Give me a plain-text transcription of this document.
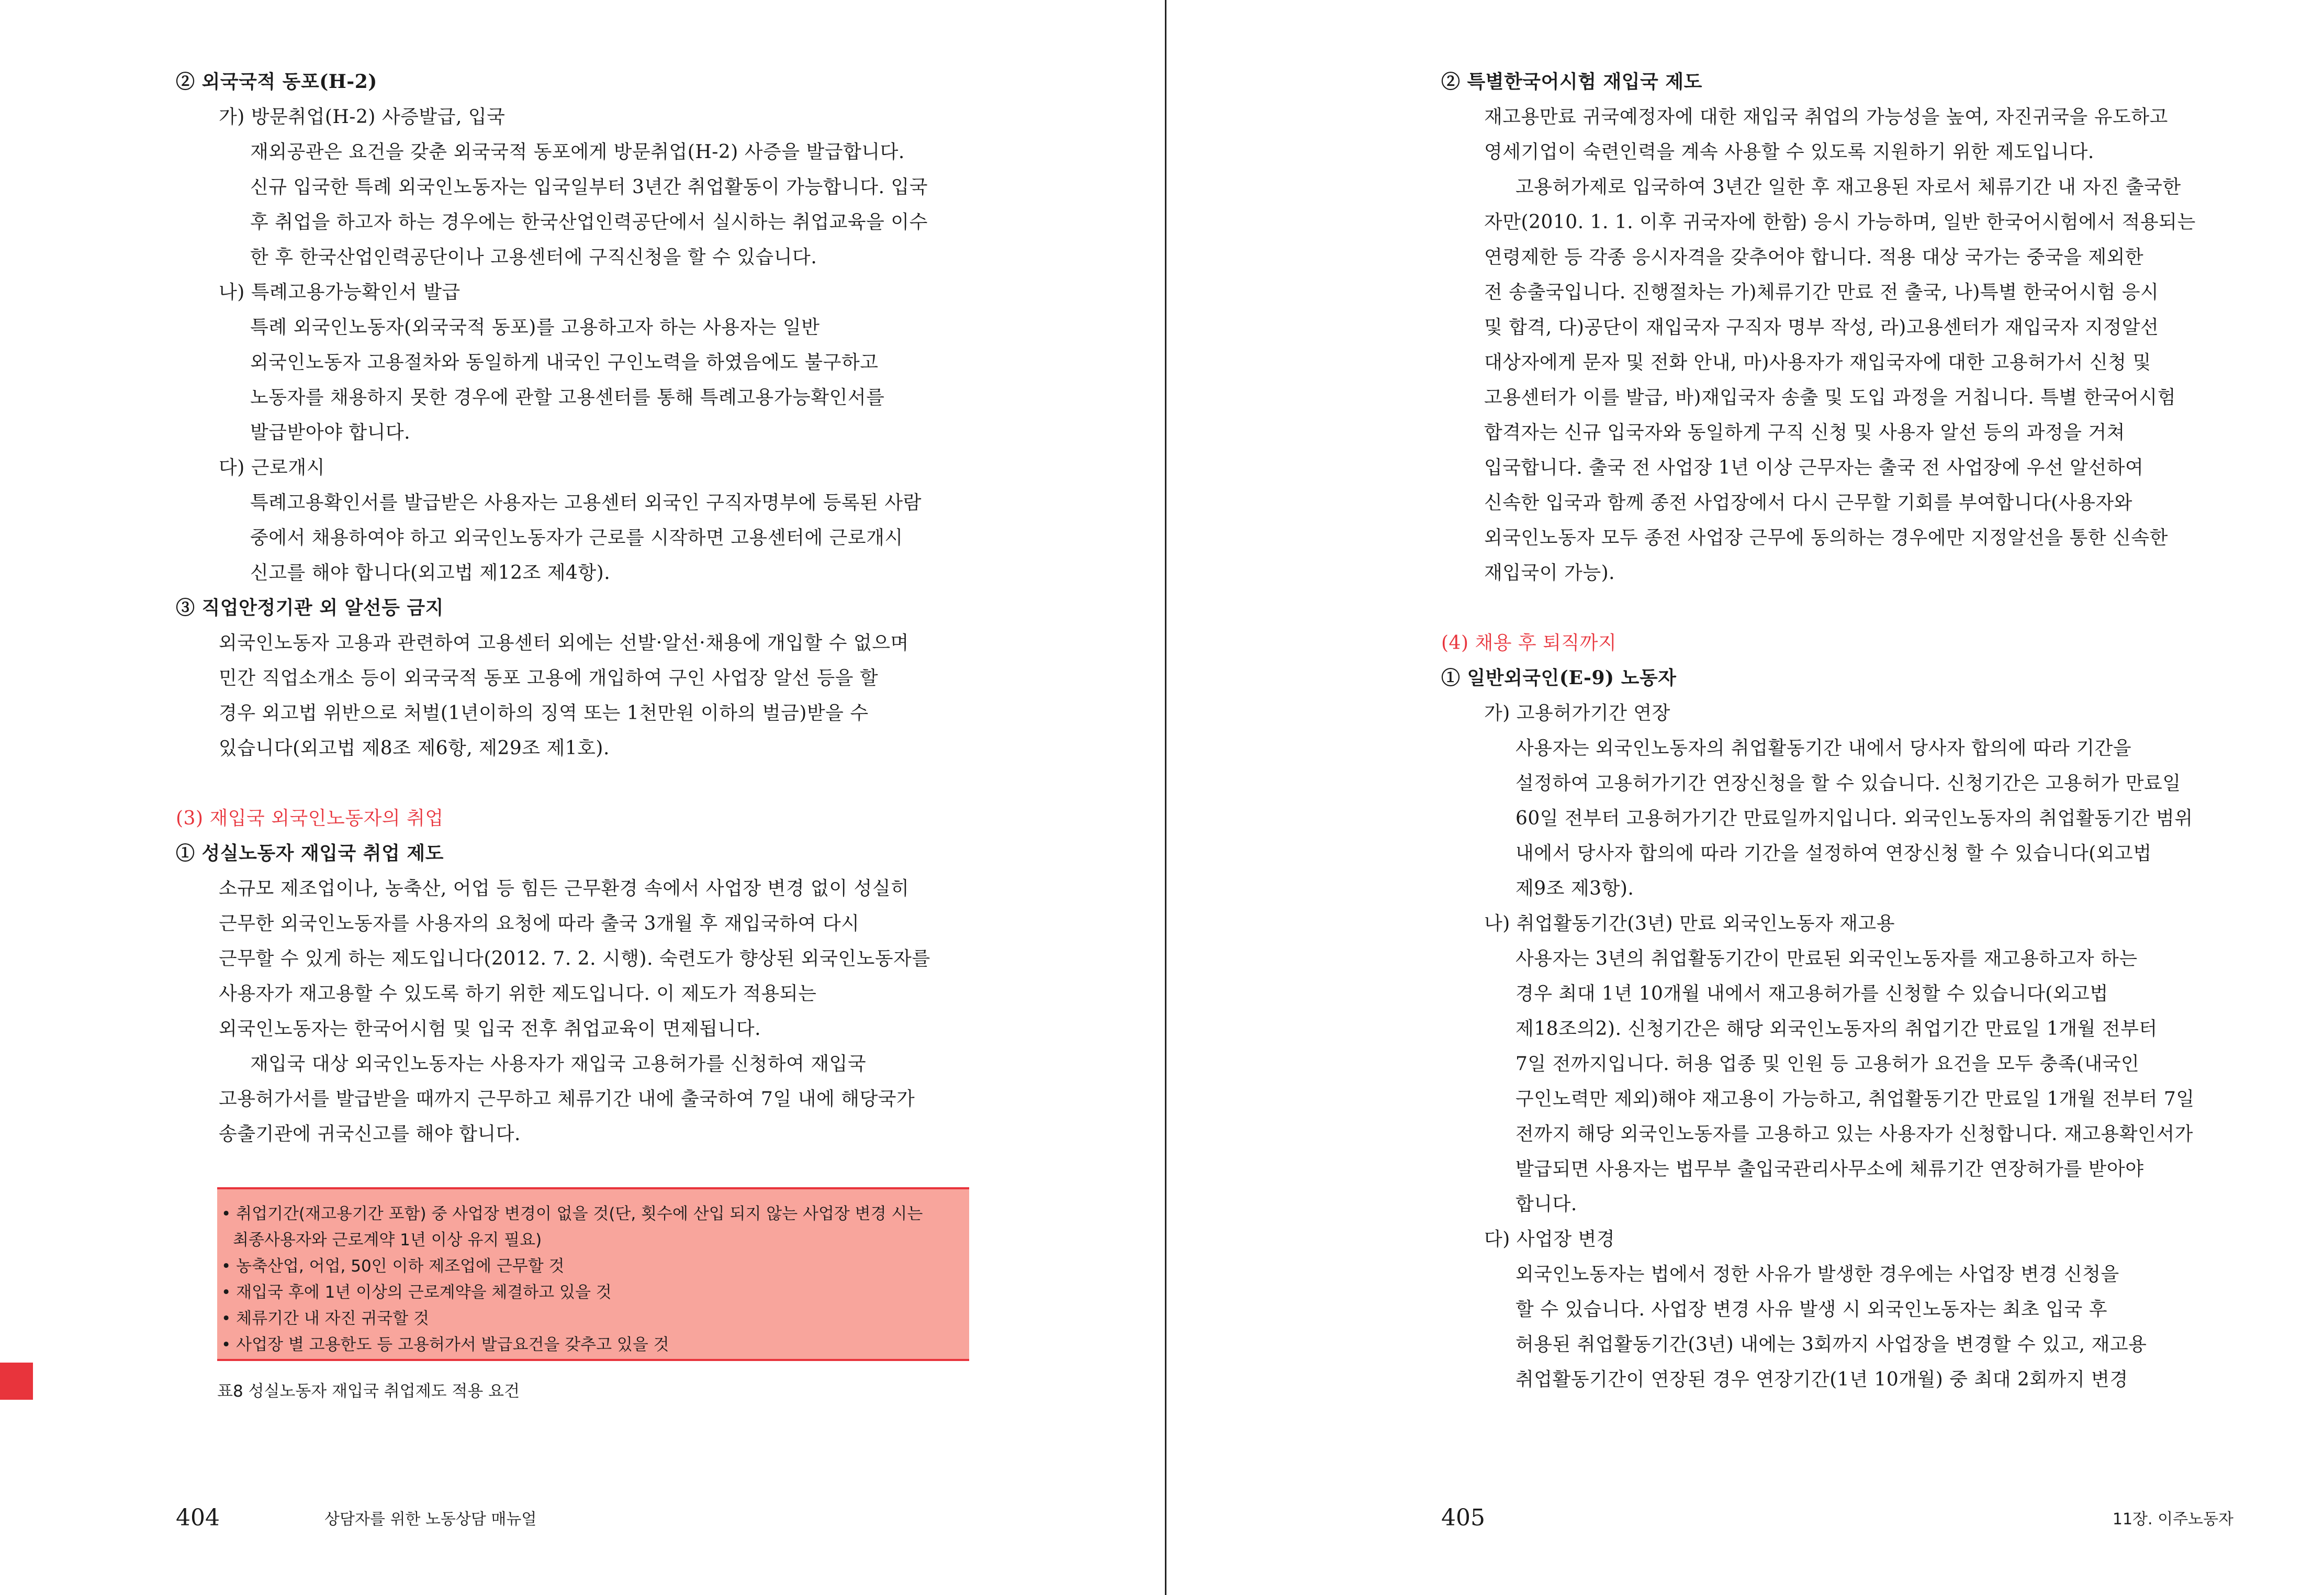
② 외국국적 동포(H-2)
가) 방문취업(H-2) 사증발급, 입국
재외공관은 요건을 갖춘 외국국적 동포에게 방문취업(H-2) 사증을 발급합니다.
신규 입국한 특례 외국인노동자는 입국일부터 3년간 취업활동이 가능합니다. 입국
후 취업을 하고자 하는 경우에는 한국산업인력공단에서 실시하는 취업교육을 이수
한 후 한국산업인력공단이나 고용센터에 구직신청을 할 수 있습니다.
나) 특례고용가능확인서 발급
특례 외국인노동자(외국국적 동포)를 고용하고자 하는 사용자는 일반
외국인노동자 고용절차와 동일하게 내국인 구인노력을 하였음에도 불구하고
노동자를 채용하지 못한 경우에 관할 고용센터를 통해 특례고용가능확인서를
발급받아야 합니다.
다) 근로개시
특례고용확인서를 발급받은 사용자는 고용센터 외국인 구직자명부에 등록된 사람
중에서 채용하여야 하고 외국인노동자가 근로를 시작하면 고용센터에 근로개시
신고를 해야 합니다(외고법 제12조 제4항).
③ 직업안정기관 외 알선등 금지
외국인노동자 고용과 관련하여 고용센터 외에는 선발·알선·채용에 개입할 수 없으며
민간 직업소개소 등이 외국국적 동포 고용에 개입하여 구인 사업장 알선 등을 할
경우 외고법 위반으로 처벌(1년이하의 징역 또는 1천만원 이하의 벌금)받을 수
있습니다(외고법 제8조 제6항, 제29조 제1호).
(3) 재입국 외국인노동자의 취업
① 성실노동자 재입국 취업 제도
소규모 제조업이나, 농축산, 어업 등 힘든 근무환경 속에서 사업장 변경 없이 성실히
근무한 외국인노동자를 사용자의 요청에 따라 출국 3개월 후 재입국하여 다시
근무할 수 있게 하는 제도입니다(2012. 7. 2. 시행). 숙련도가 향상된 외국인노동자를
사용자가 재고용할 수 있도록 하기 위한 제도입니다. 이 제도가 적용되는
외국인노동자는 한국어시험 및 입국 전후 취업교육이 면제됩니다.
재입국 대상 외국인노동자는 사용자가 재입국 고용허가를 신청하여 재입국
고용허가서를 발급받을 때까지 근무하고 체류기간 내에 출국하여 7일 내에 해당국가
송출기관에 귀국신고를 해야 합니다.
• 취업기간(재고용기간 포함) 중 사업장 변경이 없을 것(단, 횟수에 산입 되지 않는 사업장 변경 시는
최종사용자와 근로계약 1년 이상 유지 필요)
• 농축산업, 어업, 50인 이하 제조업에 근무할 것
• 재입국 후에 1년 이상의 근로계약을 체결하고 있을 것
• 체류기간 내 자진 귀국할 것
• 사업장 별 고용한도 등 고용허가서 발급요건을 갖추고 있을 것
표8 성실노동자 재입국 취업제도 적용 요건
404	상담자를 위한 노동상담 매뉴얼
② 특별한국어시험 재입국 제도
재고용만료 귀국예정자에 대한 재입국 취업의 가능성을 높여, 자진귀국을 유도하고
영세기업이 숙련인력을 계속 사용할 수 있도록 지원하기 위한 제도입니다.
고용허가제로 입국하여 3년간 일한 후 재고용된 자로서 체류기간 내 자진 출국한
자만(2010. 1. 1. 이후 귀국자에 한함) 응시 가능하며, 일반 한국어시험에서 적용되는
연령제한 등 각종 응시자격을 갖추어야 합니다. 적용 대상 국가는 중국을 제외한
전 송출국입니다. 진행절차는 가)체류기간 만료 전 출국, 나)특별 한국어시험 응시
및 합격, 다)공단이 재입국자 구직자 명부 작성, 라)고용센터가 재입국자 지정알선
대상자에게 문자 및 전화 안내, 마)사용자가 재입국자에 대한 고용허가서 신청 및
고용센터가 이를 발급, 바)재입국자 송출 및 도입 과정을 거칩니다. 특별 한국어시험
합격자는 신규 입국자와 동일하게 구직 신청 및 사용자 알선 등의 과정을 거쳐
입국합니다. 출국 전 사업장 1년 이상 근무자는 출국 전 사업장에 우선 알선하여
신속한 입국과 함께 종전 사업장에서 다시 근무할 기회를 부여합니다(사용자와
외국인노동자 모두 종전 사업장 근무에 동의하는 경우에만 지정알선을 통한 신속한
재입국이 가능).
(4) 채용 후 퇴직까지
① 일반외국인(E-9) 노동자
가) 고용허가기간 연장
사용자는 외국인노동자의 취업활동기간 내에서 당사자 합의에 따라 기간을
설정하여 고용허가기간 연장신청을 할 수 있습니다. 신청기간은 고용허가 만료일
60일 전부터 고용허가기간 만료일까지입니다. 외국인노동자의 취업활동기간 범위
내에서 당사자 합의에 따라 기간을 설정하여 연장신청 할 수 있습니다(외고법
제9조 제3항).
나) 취업활동기간(3년) 만료 외국인노동자 재고용
사용자는 3년의 취업활동기간이 만료된 외국인노동자를 재고용하고자 하는
경우 최대 1년 10개월 내에서 재고용허가를 신청할 수 있습니다(외고법
제18조의2). 신청기간은 해당 외국인노동자의 취업기간 만료일 1개월 전부터
7일 전까지입니다. 허용 업종 및 인원 등 고용허가 요건을 모두 충족(내국인
구인노력만 제외)해야 재고용이 가능하고, 취업활동기간 만료일 1개월 전부터 7일
전까지 해당 외국인노동자를 고용하고 있는 사용자가 신청합니다. 재고용확인서가
발급되면 사용자는 법무부 출입국관리사무소에 체류기간 연장허가를 받아야
합니다.
다) 사업장 변경
외국인노동자는 법에서 정한 사유가 발생한 경우에는 사업장 변경 신청을
할 수 있습니다. 사업장 변경 사유 발생 시 외국인노동자는 최초 입국 후
허용된 취업활동기간(3년) 내에는 3회까지 사업장을 변경할 수 있고, 재고용
취업활동기간이 연장된 경우 연장기간(1년 10개월) 중 최대 2회까지 변경
405	11장. 이주노동자
